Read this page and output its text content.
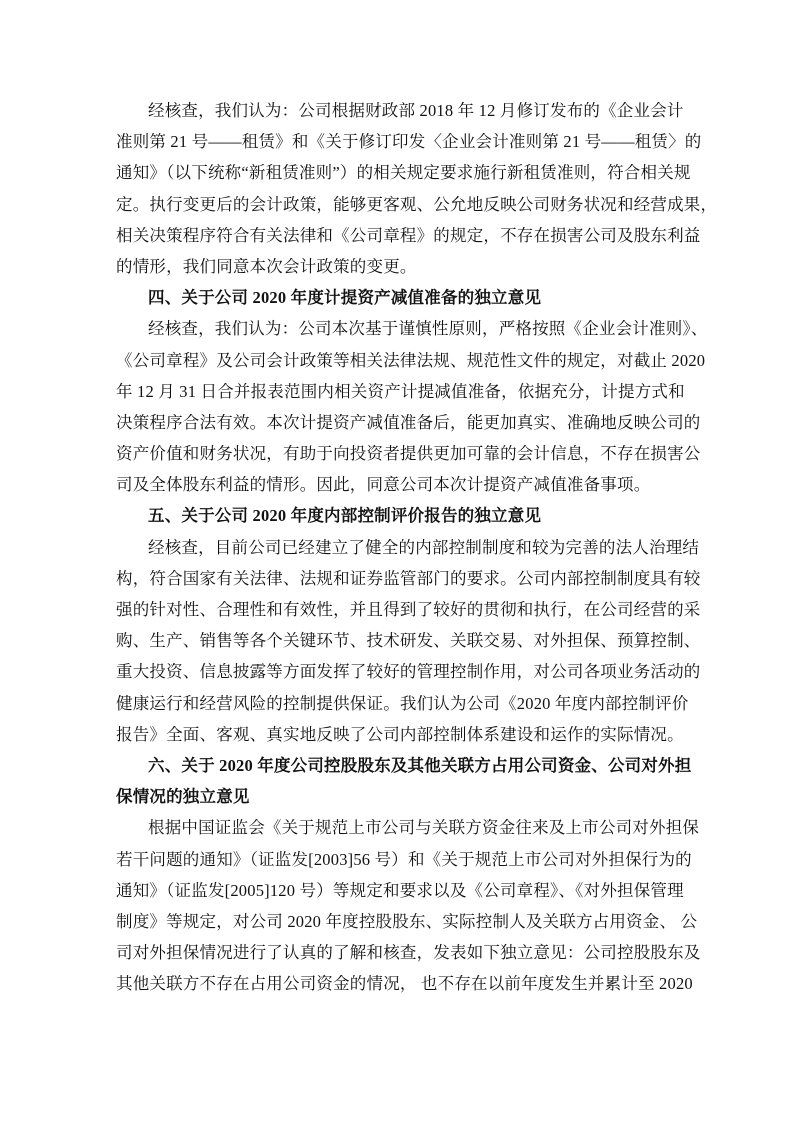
经核查，我们认为：公司根据财政部 2018 年 12 月修订发布的《企业会计
准则第 21 号——租赁》和《关于修订印发〈企业会计准则第 21 号——租赁〉的
通知》（以下统称“新租赁准则”）的相关规定要求施行新租赁准则，符合相关规
定。执行变更后的会计政策，能够更客观、公允地反映公司财务状况和经营成果，
相关决策程序符合有关法律和《公司章程》的规定，不存在损害公司及股东利益
的情形，我们同意本次会计政策的变更。
四、关于公司 2020 年度计提资产减值准备的独立意见
经核查，我们认为：公司本次基于谨慎性原则，严格按照《企业会计准则》、
《公司章程》及公司会计政策等相关法律法规、规范性文件的规定，对截止 2020
年 12 月 31 日合并报表范围内相关资产计提减值准备，依据充分，计提方式和
决策程序合法有效。本次计提资产减值准备后，能更加真实、准确地反映公司的
资产价值和财务状况，有助于向投资者提供更加可靠的会计信息，不存在损害公
司及全体股东利益的情形。因此，同意公司本次计提资产减值准备事项。
五、关于公司 2020 年度内部控制评价报告的独立意见
经核查，目前公司已经建立了健全的内部控制制度和较为完善的法人治理结
构，符合国家有关法律、法规和证券监管部门的要求。公司内部控制制度具有较
强的针对性、合理性和有效性，并且得到了较好的贯彻和执行，在公司经营的采
购、生产、销售等各个关键环节、技术研发、关联交易、对外担保、预算控制、
重大投资、信息披露等方面发挥了较好的管理控制作用，对公司各项业务活动的
健康运行和经营风险的控制提供保证。我们认为公司《2020 年度内部控制评价
报告》全面、客观、真实地反映了公司内部控制体系建设和运作的实际情况。
六、关于 2020 年度公司控股股东及其他关联方占用公司资金、公司对外担
保情况的独立意见
根据中国证监会《关于规范上市公司与关联方资金往来及上市公司对外担保
若干问题的通知》（证监发[2003]56 号）和《关于规范上市公司对外担保行为的
通知》（证监发[2005]120 号）等规定和要求以及《公司章程》、《对外担保管理
制度》等规定，对公司 2020 年度控股股东、实际控制人及关联方占用资金、 公
司对外担保情况进行了认真的了解和核查，发表如下独立意见：公司控股股东及
其他关联方不存在占用公司资金的情况， 也不存在以前年度发生并累计至 2020
